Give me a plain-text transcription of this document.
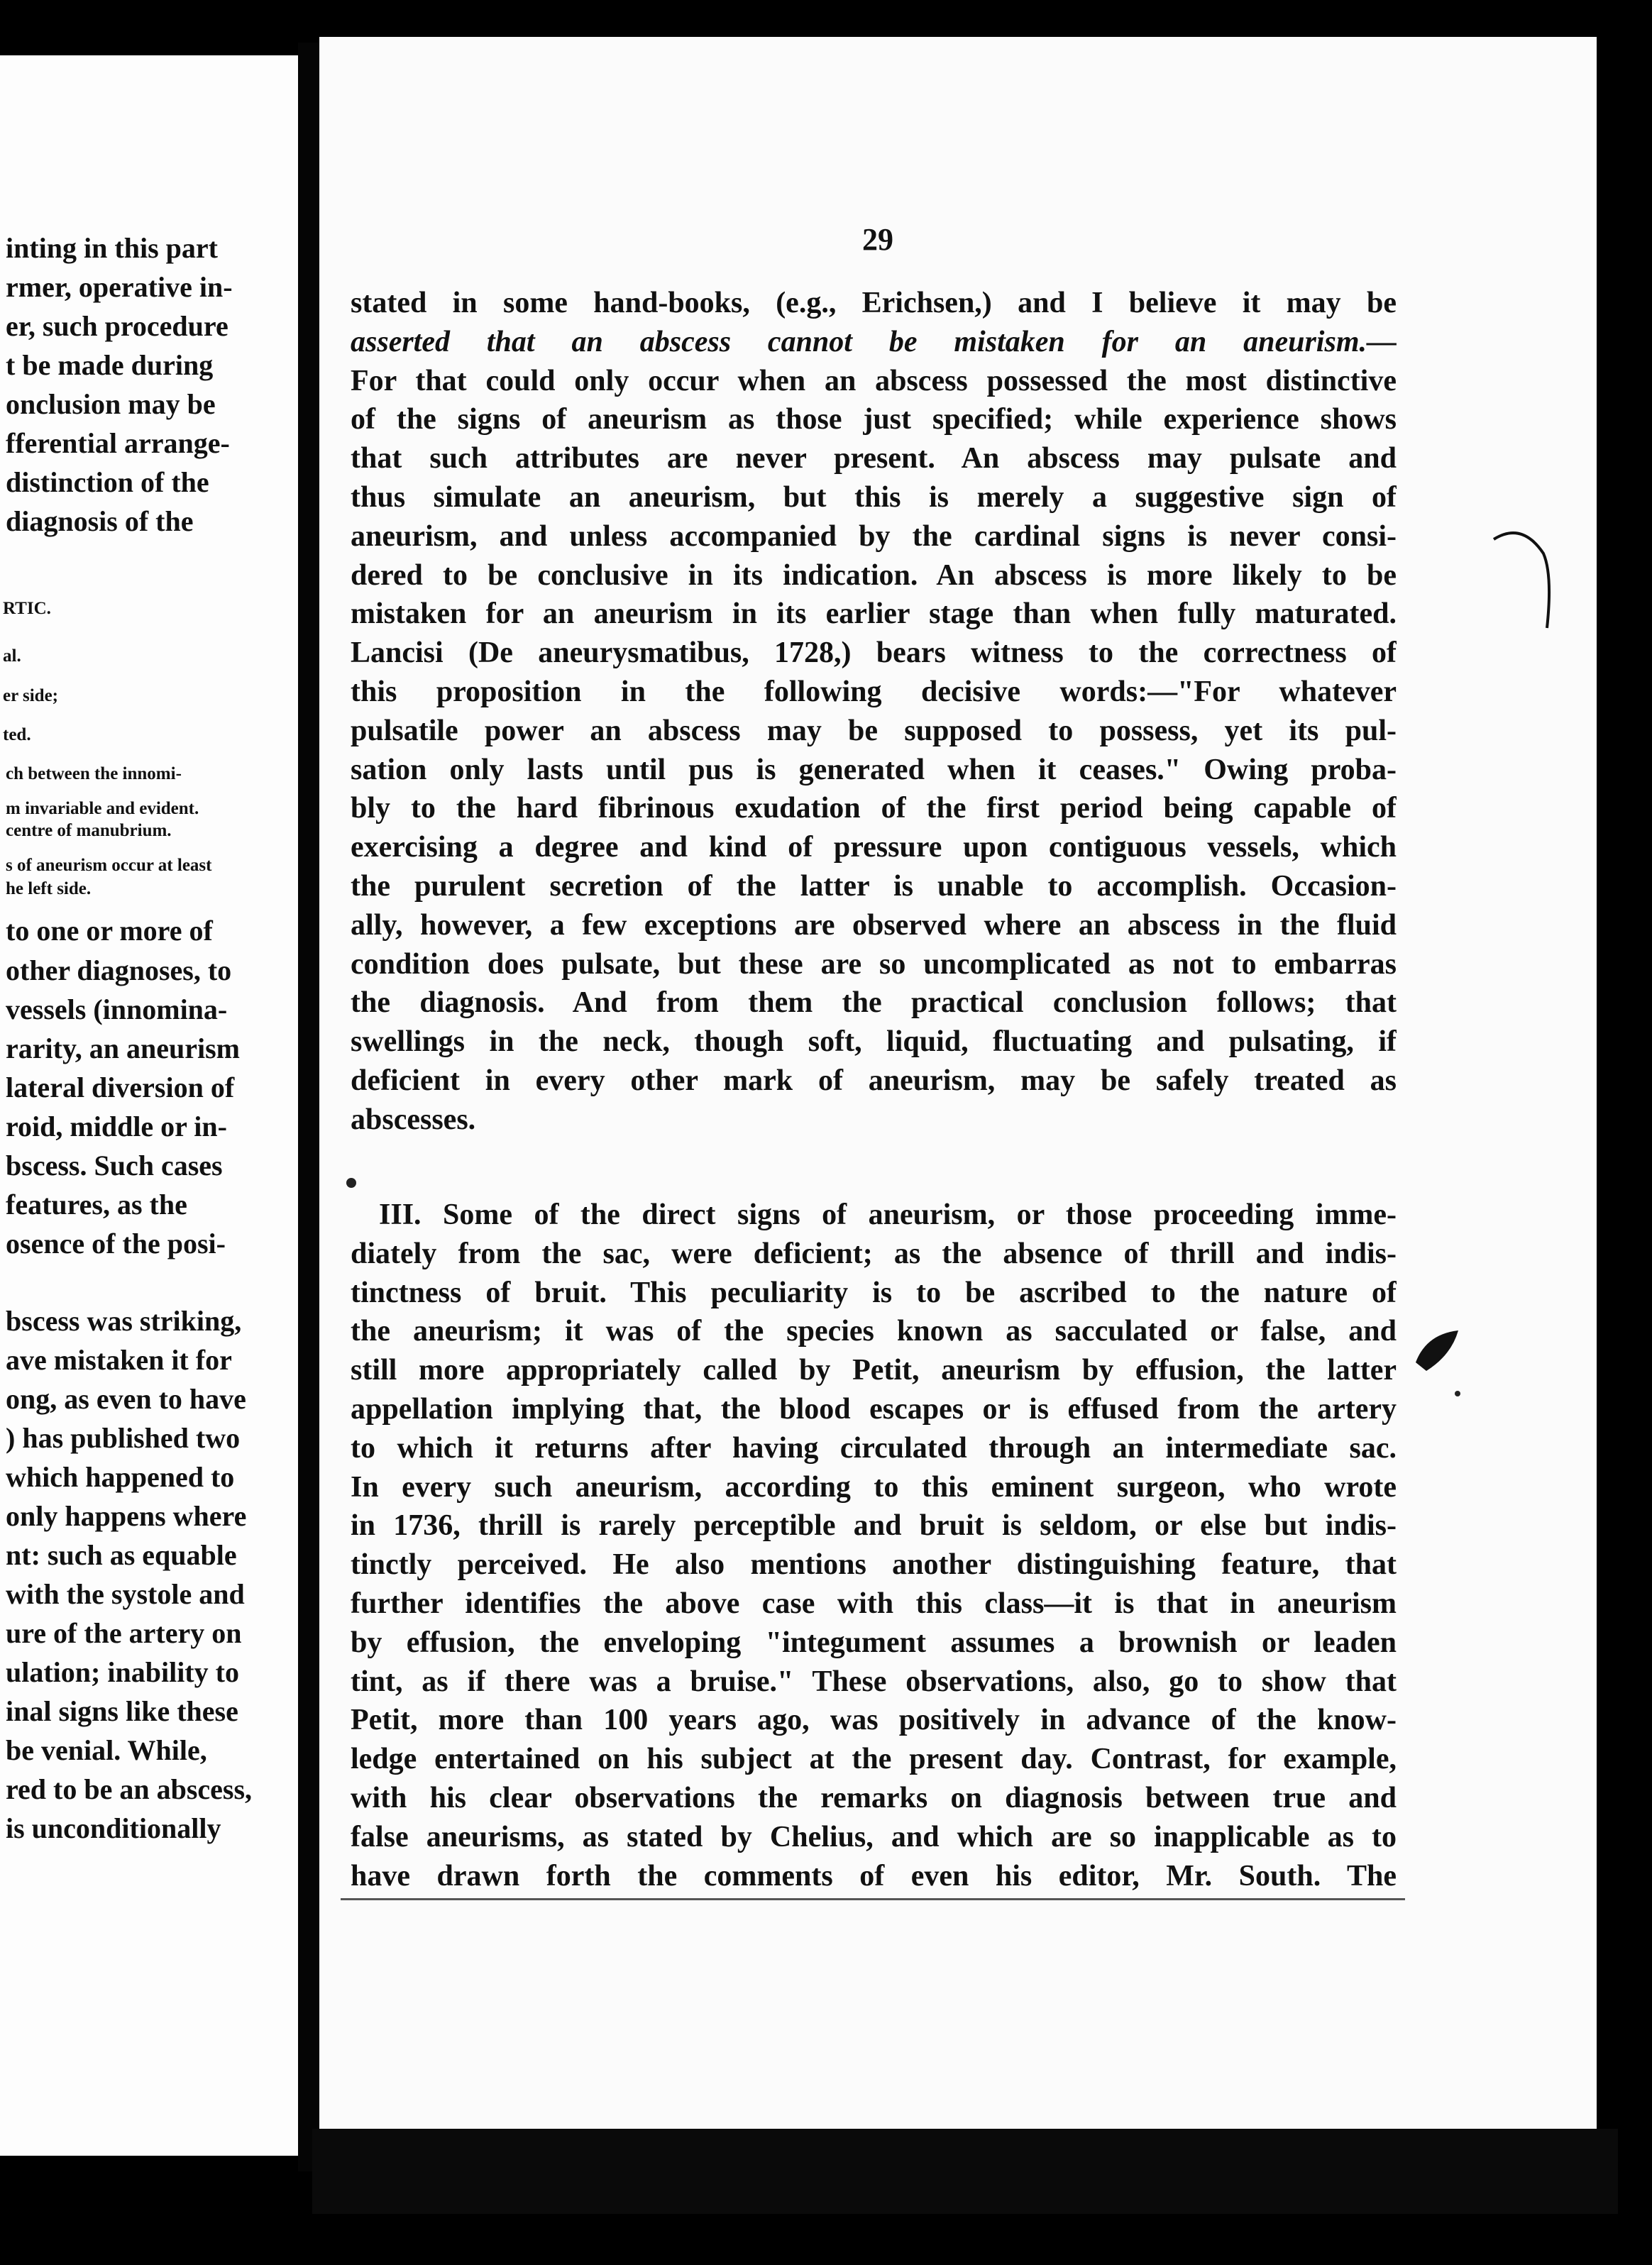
inting in this part
rmer, operative in-
er, such procedure
t be made during
onclusion may be
fferential arrange-
distinction of the
diagnosis of the
RTIC.
al.
er side;
ted.
ch between the innomi-
m invariable and evident.
centre of manubrium.
s of aneurism occur at least
he left side.
to one or more of
other diagnoses, to
vessels (innomina-
rarity, an aneurism
lateral diversion of
roid, middle or in-
bscess. Such cases
features, as the
osence of the posi-
bscess was striking,
ave mistaken it for
ong, as even to have
) has published two
which happened to
only happens where
nt: such as equable
with the systole and
ure of the artery on
ulation; inability to
inal signs like these
be venial. While,
red to be an abscess,
is unconditionally
29
stated in some hand-books, (e.g., Erichsen,) and I believe it may be
asserted that an abscess cannot be mistaken for an aneurism.—
For that could only occur when an abscess possessed the most distinctive
of the signs of aneurism as those just specified; while experience shows
that such attributes are never present. An abscess may pulsate and
thus simulate an aneurism, but this is merely a suggestive sign of
aneurism, and unless accompanied by the cardinal signs is never consi-
dered to be conclusive in its indication. An abscess is more likely to be
mistaken for an aneurism in its earlier stage than when fully maturated.
Lancisi (De aneurysmatibus, 1728,) bears witness to the correctness of
this proposition in the following decisive words:—"For whatever
pulsatile power an abscess may be supposed to possess, yet its pul-
sation only lasts until pus is generated when it ceases." Owing proba-
bly to the hard fibrinous exudation of the first period being capable of
exercising a degree and kind of pressure upon contiguous vessels, which
the purulent secretion of the latter is unable to accomplish. Occasion-
ally, however, a few exceptions are observed where an abscess in the fluid
condition does pulsate, but these are so uncomplicated as not to embarras
the diagnosis. And from them the practical conclusion follows; that
swellings in the neck, though soft, liquid, fluctuating and pulsating, if
deficient in every other mark of aneurism, may be safely treated as
abscesses.
III. Some of the direct signs of aneurism, or those proceeding imme-
diately from the sac, were deficient; as the absence of thrill and indis-
tinctness of bruit. This peculiarity is to be ascribed to the nature of
the aneurism; it was of the species known as sacculated or false, and
still more appropriately called by Petit, aneurism by effusion, the latter
appellation implying that, the blood escapes or is effused from the artery
to which it returns after having circulated through an intermediate sac.
In every such aneurism, according to this eminent surgeon, who wrote
in 1736, thrill is rarely perceptible and bruit is seldom, or else but indis-
tinctly perceived. He also mentions another distinguishing feature, that
further identifies the above case with this class—it is that in aneurism
by effusion, the enveloping "integument assumes a brownish or leaden
tint, as if there was a bruise." These observations, also, go to show that
Petit, more than 100 years ago, was positively in advance of the know-
ledge entertained on his subject at the present day. Contrast, for example,
with his clear observations the remarks on diagnosis between true and
false aneurisms, as stated by Chelius, and which are so inapplicable as to
have drawn forth the comments of even his editor, Mr. South. The
